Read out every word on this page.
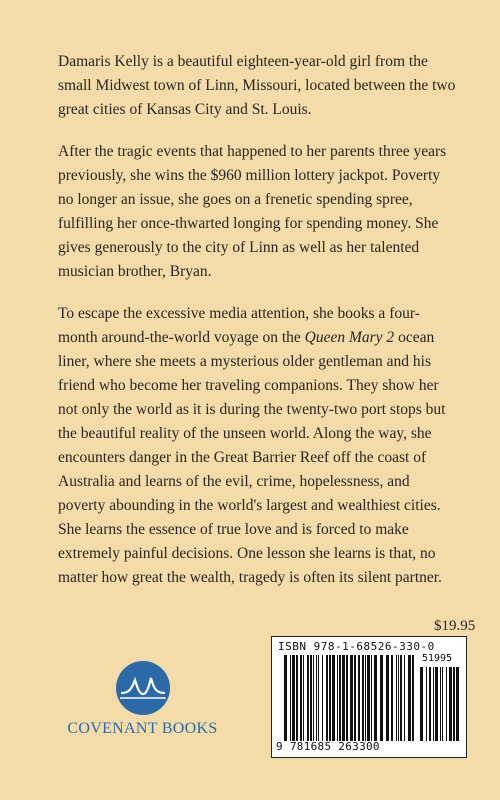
Damaris Kelly is a beautiful eighteen-year-old girl from the small Midwest town of Linn, Missouri, located between the two great cities of Kansas City and St. Louis.

After the tragic events that happened to her parents three years previously, she wins the $960 million lottery jackpot. Poverty no longer an issue, she goes on a frenetic spending spree, fulfilling her once-thwarted longing for spending money. She gives generously to the city of Linn as well as her talented musician brother, Bryan.

To escape the excessive media attention, she books a four-month around-the-world voyage on the Queen Mary 2 ocean liner, where she meets a mysterious older gentleman and his friend who become her traveling companions. They show her not only the world as it is during the twenty-two port stops but the beautiful reality of the unseen world. Along the way, she encounters danger in the Great Barrier Reef off the coast of Australia and learns of the evil, crime, hopelessness, and poverty abounding in the world's largest and wealthiest cities. She learns the essence of true love and is forced to make extremely painful decisions. One lesson she learns is that, no matter how great the wealth, tragedy is often its silent partner.

$19.95
ISBN 978-1-68526-330-0
51995
9 781685 263300
COVENANT BOOKS
